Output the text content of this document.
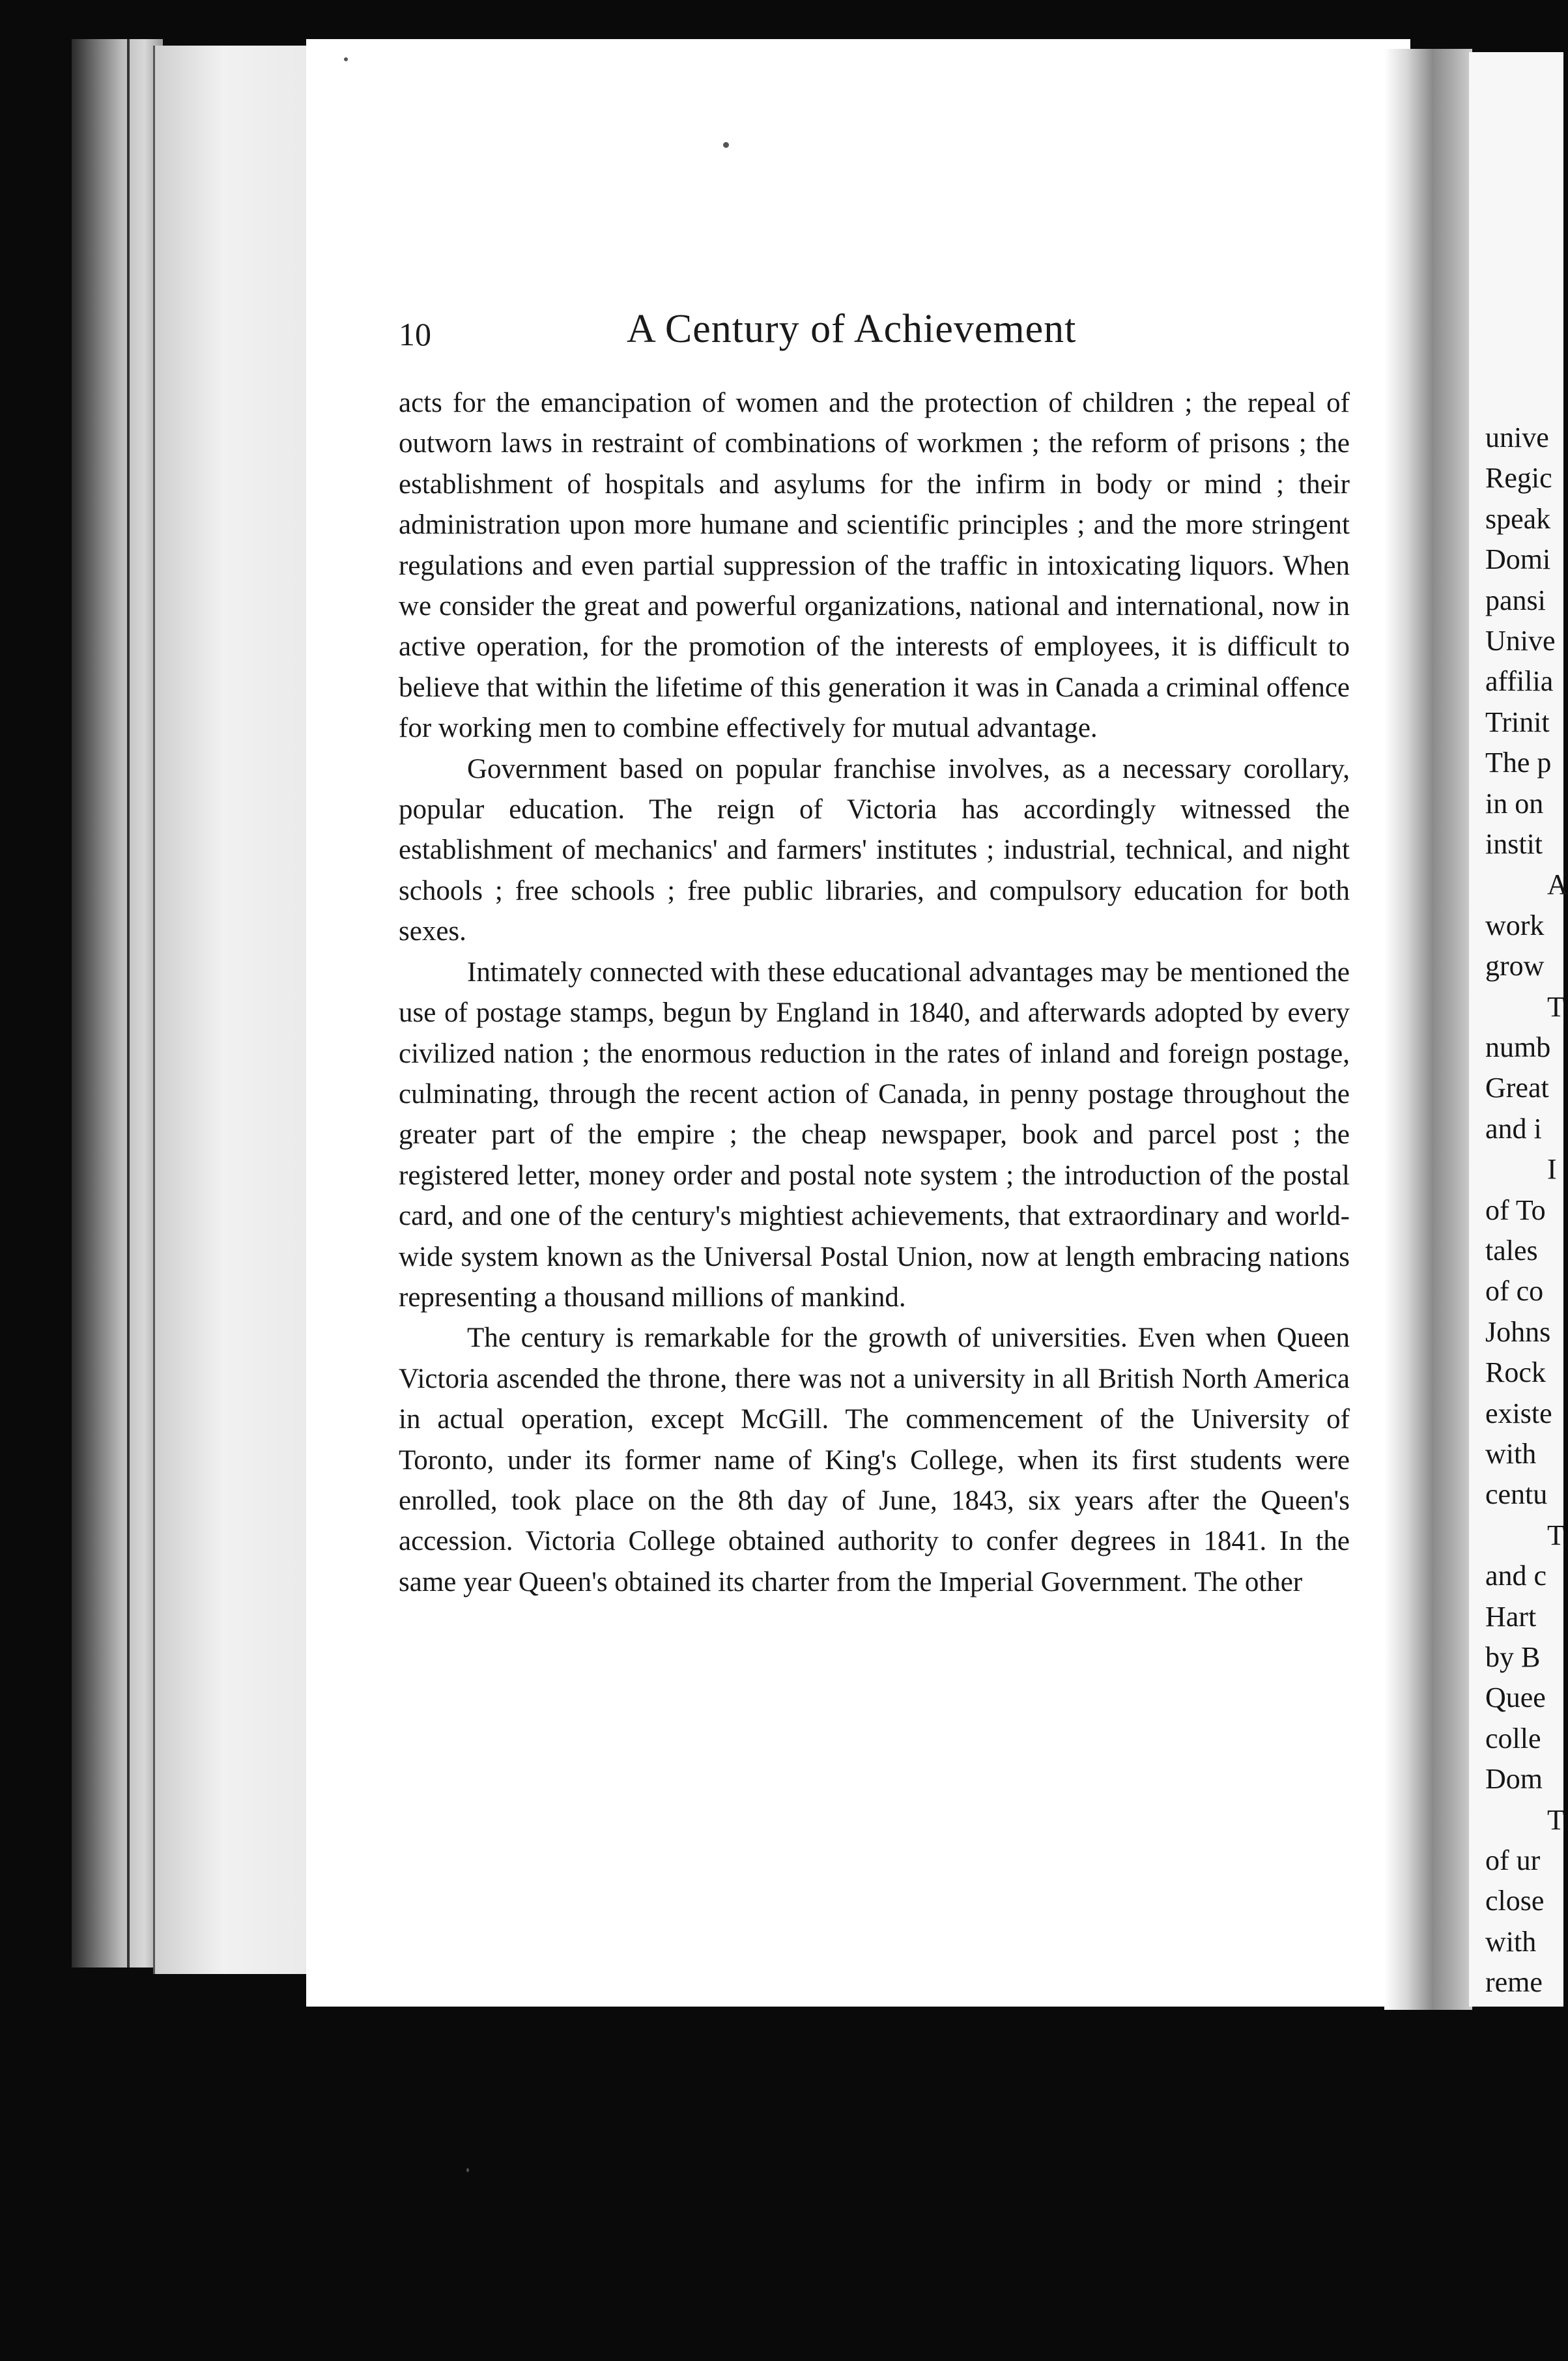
10	A Century of Achievement

acts for the emancipation of women and the protection of children ; the repeal of outworn laws in restraint of combinations of workmen ; the reform of prisons ; the establishment of hospitals and asylums for the infirm in body or mind ; their administration upon more humane and scientific principles ; and the more stringent regulations and even partial suppression of the traffic in intoxicating liquors. When we consider the great and powerful organizations, national and international, now in active operation, for the promotion of the interests of employees, it is difficult to believe that within the lifetime of this generation it was in Canada a criminal offence for working men to combine effectively for mutual advantage.

Government based on popular franchise involves, as a necessary corollary, popular education. The reign of Victoria has accordingly witnessed the establishment of mechanics' and farmers' institutes ; industrial, technical, and night schools ; free schools ; free public libraries, and compulsory education for both sexes.

Intimately connected with these educational advantages may be mentioned the use of postage stamps, begun by England in 1840, and afterwards adopted by every civilized nation ; the enormous reduction in the rates of inland and foreign postage, culminating, through the recent action of Canada, in penny postage throughout the greater part of the empire ; the cheap newspaper, book and parcel post ; the registered letter, money order and postal note system ; the introduction of the postal card, and one of the century's mightiest achievements, that extraordinary and world-wide system known as the Universal Postal Union, now at length embracing nations representing a thousand millions of mankind.

The century is remarkable for the growth of universities. Even when Queen Victoria ascended the throne, there was not a university in all British North America in actual operation, except McGill. The commencement of the University of Toronto, under its former name of King's College, when its first students were enrolled, took place on the 8th day of June, 1843, six years after the Queen's accession. Victoria College obtained authority to confer degrees in 1841. In the same year Queen's obtained its charter from the Imperial Government. The other

unive
Regic
speak
Domi
pansi
Unive
affilia
Trinit
The p
in on
instit
A
work
grow
T
numb
Great
and i
I
of To
tales
of co
Johns
Rock
existe
with
centu
T
and c
Hart
by B
Quee
colle
Dom
T
of ur
close
with
reme
